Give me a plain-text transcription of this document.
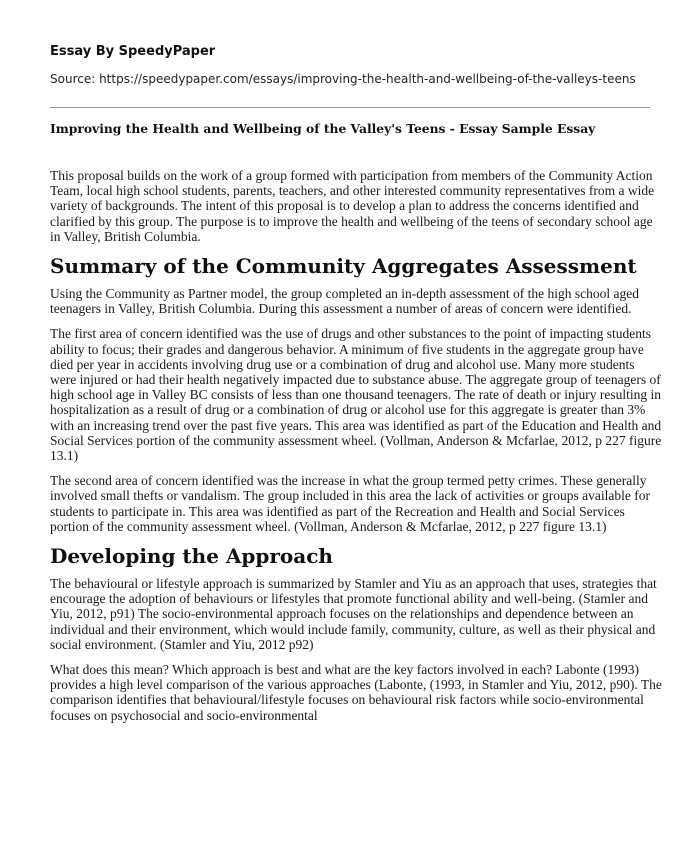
Essay By SpeedyPaper

Source: https://speedypaper.com/essays/improving-the-health-and-wellbeing-of-the-valleys-teens

Improving the Health and Wellbeing of the Valley's Teens - Essay Sample Essay

This proposal builds on the work of a group formed with participation from members of the Community Action Team, local high school students, parents, teachers, and other interested community representatives from a wide variety of backgrounds. The intent of this proposal is to develop a plan to address the concerns identified and clarified by this group. The purpose is to improve the health and wellbeing of the teens of secondary school age in Valley, British Columbia.

Summary of the Community Aggregates Assessment

Using the Community as Partner model, the group completed an in-depth assessment of the high school aged teenagers in Valley, British Columbia. During this assessment a number of areas of concern were identified.

The first area of concern identified was the use of drugs and other substances to the point of impacting students ability to focus; their grades and dangerous behavior. A minimum of five students in the aggregate group have died per year in accidents involving drug use or a combination of drug and alcohol use. Many more students were injured or had their health negatively impacted due to substance abuse. The aggregate group of teenagers of high school age in Valley BC consists of less than one thousand teenagers. The rate of death or injury resulting in hospitalization as a result of drug or a combination of drug or alcohol use for this aggregate is greater than 3% with an increasing trend over the past five years. This area was identified as part of the Education and Health and Social Services portion of the community assessment wheel. (Vollman, Anderson & Mcfarlae, 2012, p 227 figure 13.1)

The second area of concern identified was the increase in what the group termed petty crimes. These generally involved small thefts or vandalism. The group included in this area the lack of activities or groups available for students to participate in. This area was identified as part of the Recreation and Health and Social Services portion of the community assessment wheel. (Vollman, Anderson & Mcfarlae, 2012, p 227 figure 13.1)

Developing the Approach

The behavioural or lifestyle approach is summarized by Stamler and Yiu as an approach that uses, strategies that encourage the adoption of behaviours or lifestyles that promote functional ability and well-being. (Stamler and Yiu, 2012, p91) The socio-environmental approach focuses on the relationships and dependence between an individual and their environment, which would include family, community, culture, as well as their physical and social environment. (Stamler and Yiu, 2012 p92)

What does this mean? Which approach is best and what are the key factors involved in each? Labonte (1993) provides a high level comparison of the various approaches (Labonte, (1993, in Stamler and Yiu, 2012, p90). The comparison identifies that behavioural/lifestyle focuses on behavioural risk factors while socio-environmental focuses on psychosocial and socio-environmental
